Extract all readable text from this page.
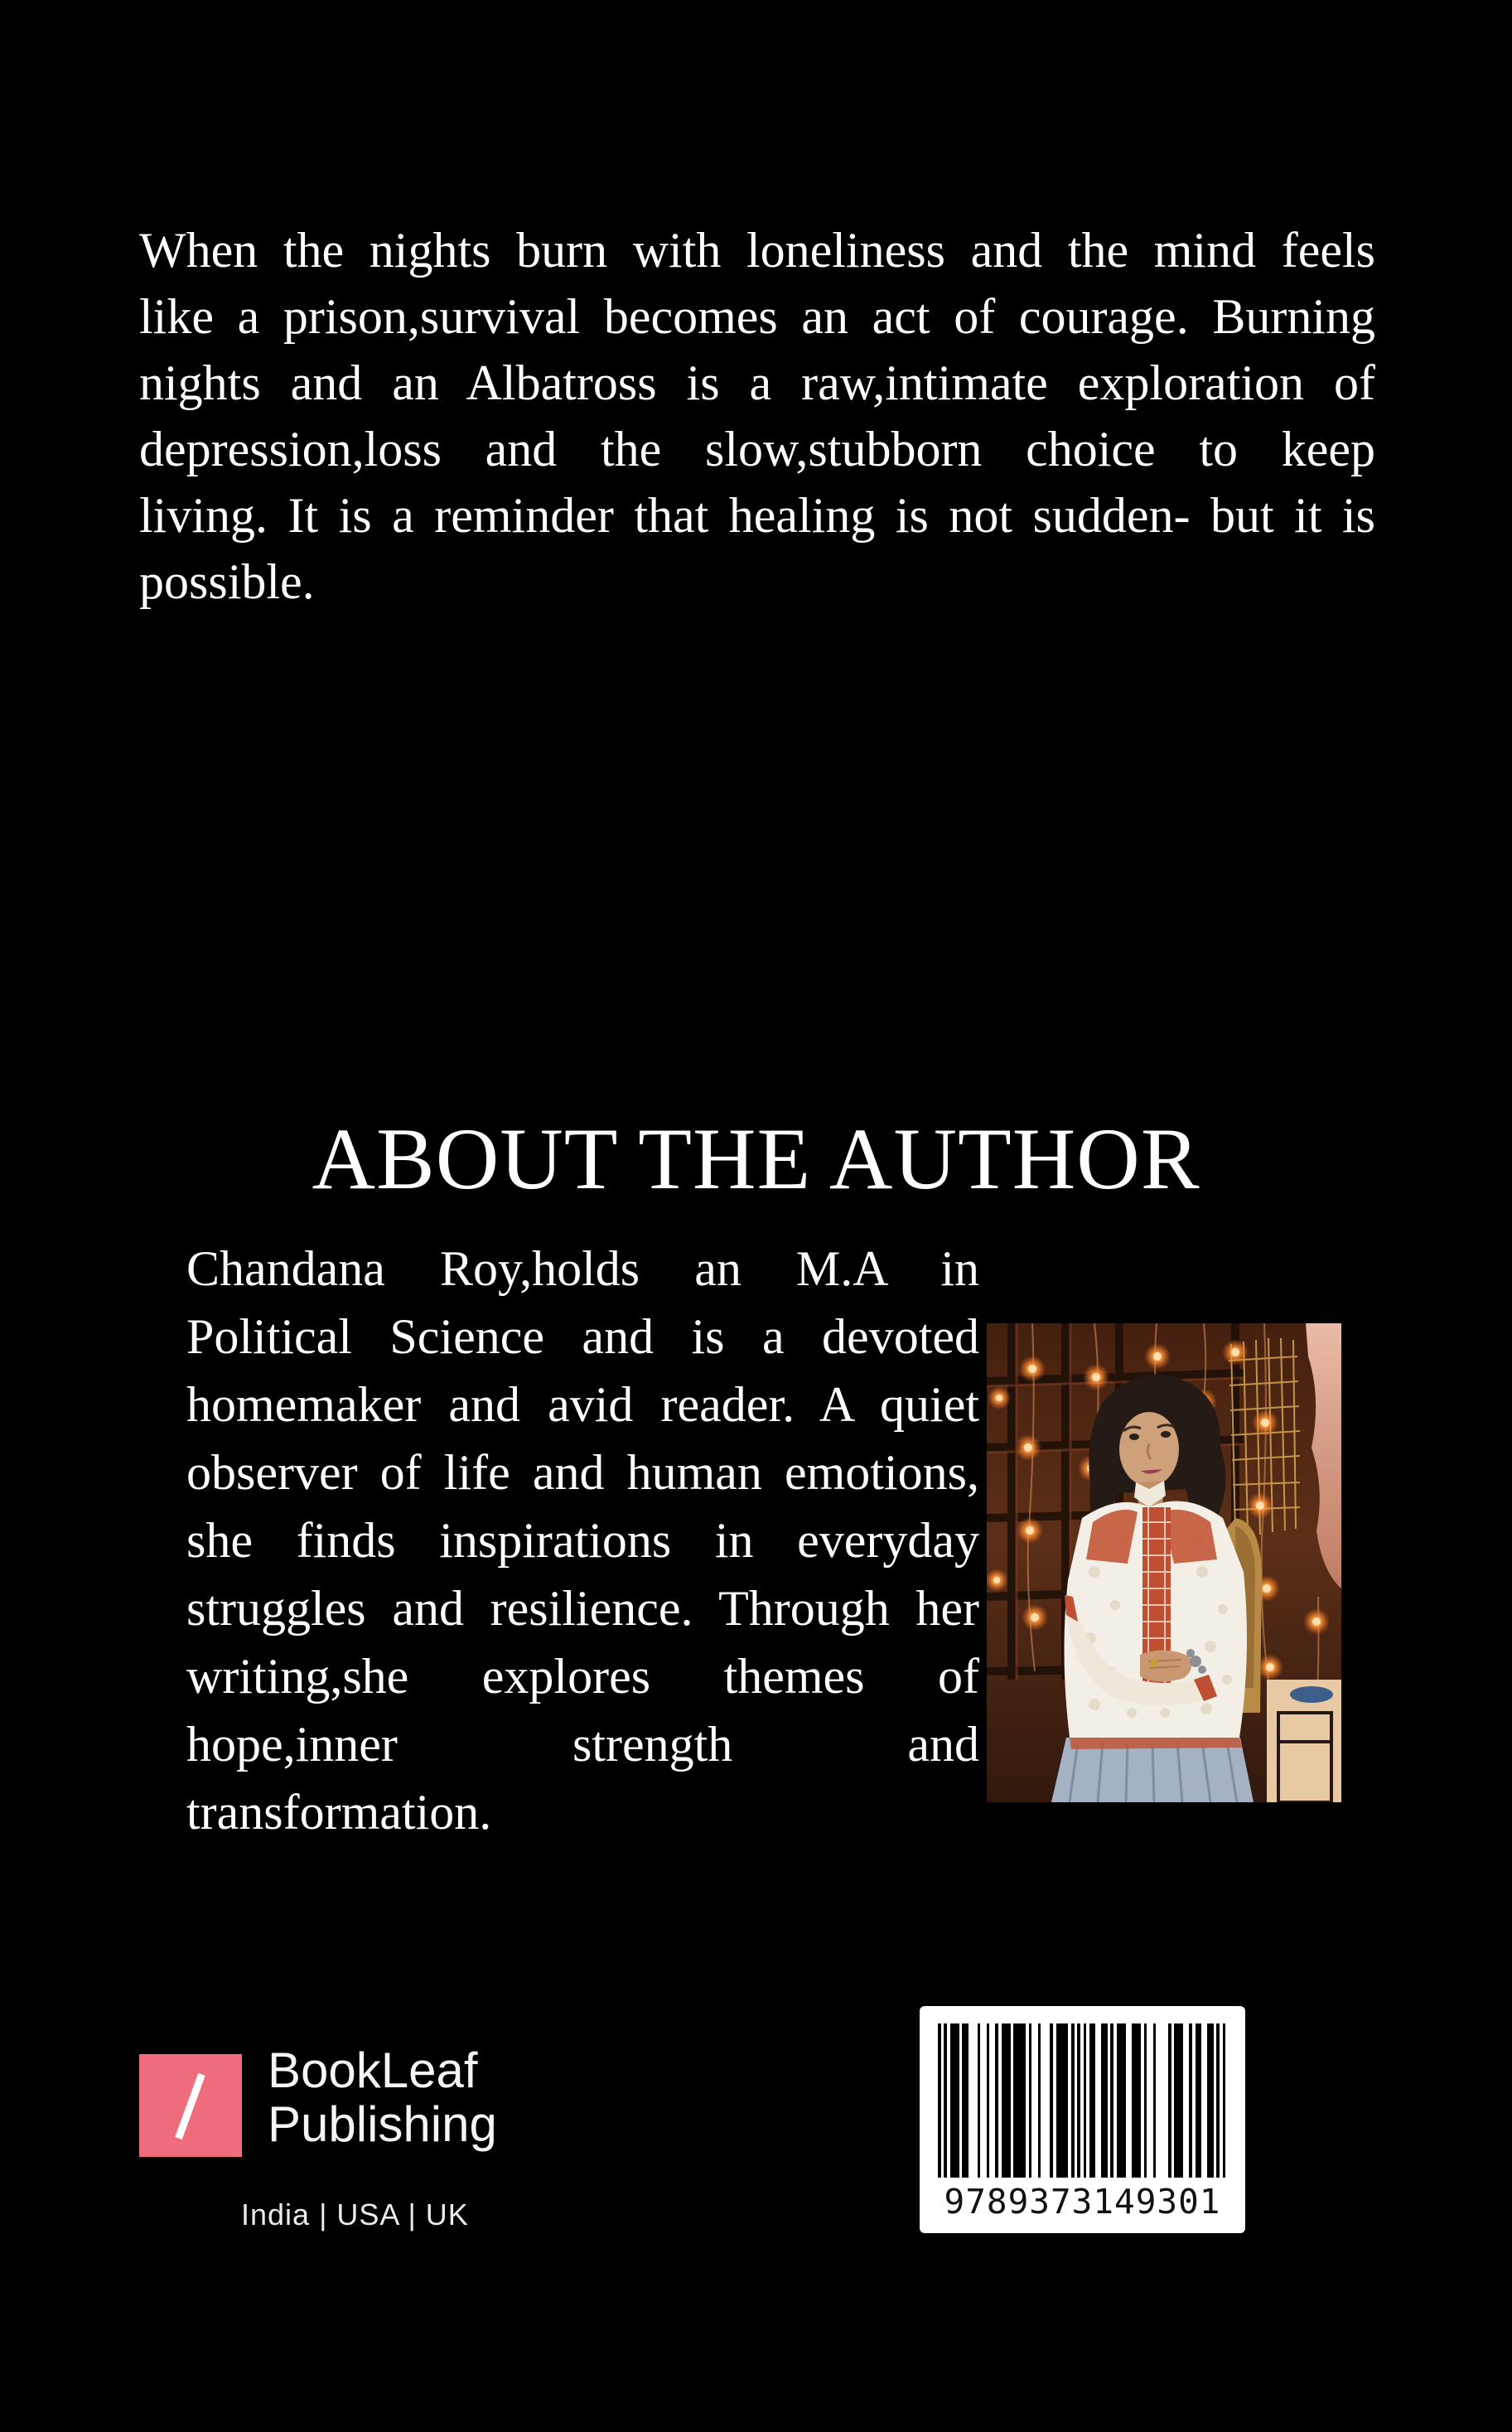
When the nights burn with loneliness and the mind feels
like a prison,survival becomes an act of courage. Burning
nights and an Albatross is a raw,intimate exploration of
depression,loss and the slow,stubborn choice to keep
living. It is a reminder that healing is not sudden- but it is
possible.
ABOUT THE AUTHOR
Chandana Roy,holds an M.A in
Political Science and is a devoted
homemaker and avid reader. A quiet
observer of life and human emotions,
she finds inspirations in everyday
struggles and resilience. Through her
writing,she explores themes of
hope,inner strength and
transformation.
BookLeaf
Publishing
India | USA | UK	9789373149301
